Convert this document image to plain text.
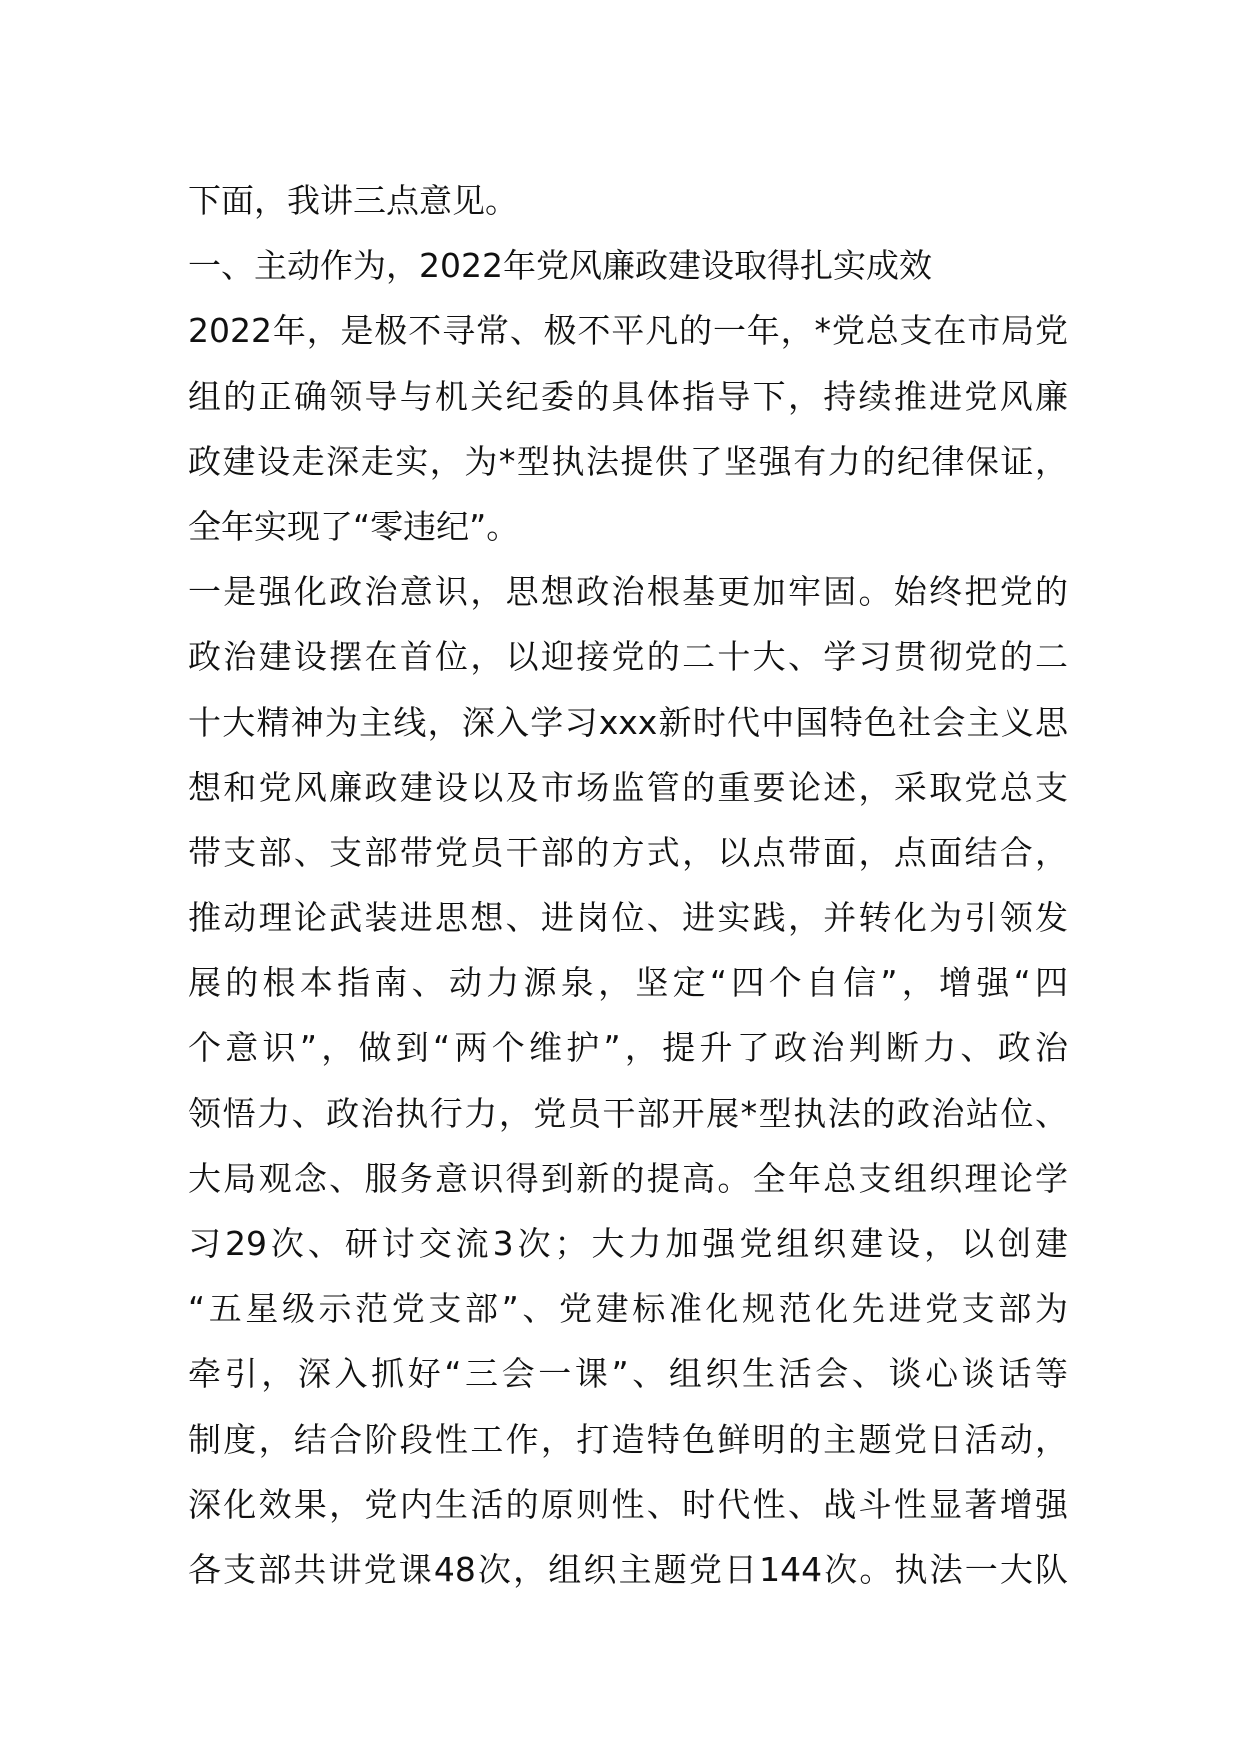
下面，我讲三点意见。
一、主动作为，2022年党风廉政建设取得扎实成效
2022年，是极不寻常、极不平凡的一年，*党总支在市局党
组的正确领导与机关纪委的具体指导下，持续推进党风廉
政建设走深走实，为*型执法提供了坚强有力的纪律保证，
全年实现了“零违纪”。
一是强化政治意识，思想政治根基更加牢固。始终把党的
政治建设摆在首位，以迎接党的二十大、学习贯彻党的二
十大精神为主线，深入学习xxx新时代中国特色社会主义思
想和党风廉政建设以及市场监管的重要论述，采取党总支
带支部、支部带党员干部的方式，以点带面，点面结合，
推动理论武装进思想、进岗位、进实践，并转化为引领发
展的根本指南、动力源泉，坚定“四个自信”，增强“四
个意识”，做到“两个维护”，提升了政治判断力、政治
领悟力、政治执行力，党员干部开展*型执法的政治站位、
大局观念、服务意识得到新的提高。全年总支组织理论学
习29次、研讨交流3次；大力加强党组织建设，以创建
“五星级示范党支部”、党建标准化规范化先进党支部为
牵引，深入抓好“三会一课”、组织生活会、谈心谈话等
制度，结合阶段性工作，打造特色鲜明的主题党日活动，
深化效果，党内生活的原则性、时代性、战斗性显著增强
各支部共讲党课48次，组织主题党日144次。执法一大队
